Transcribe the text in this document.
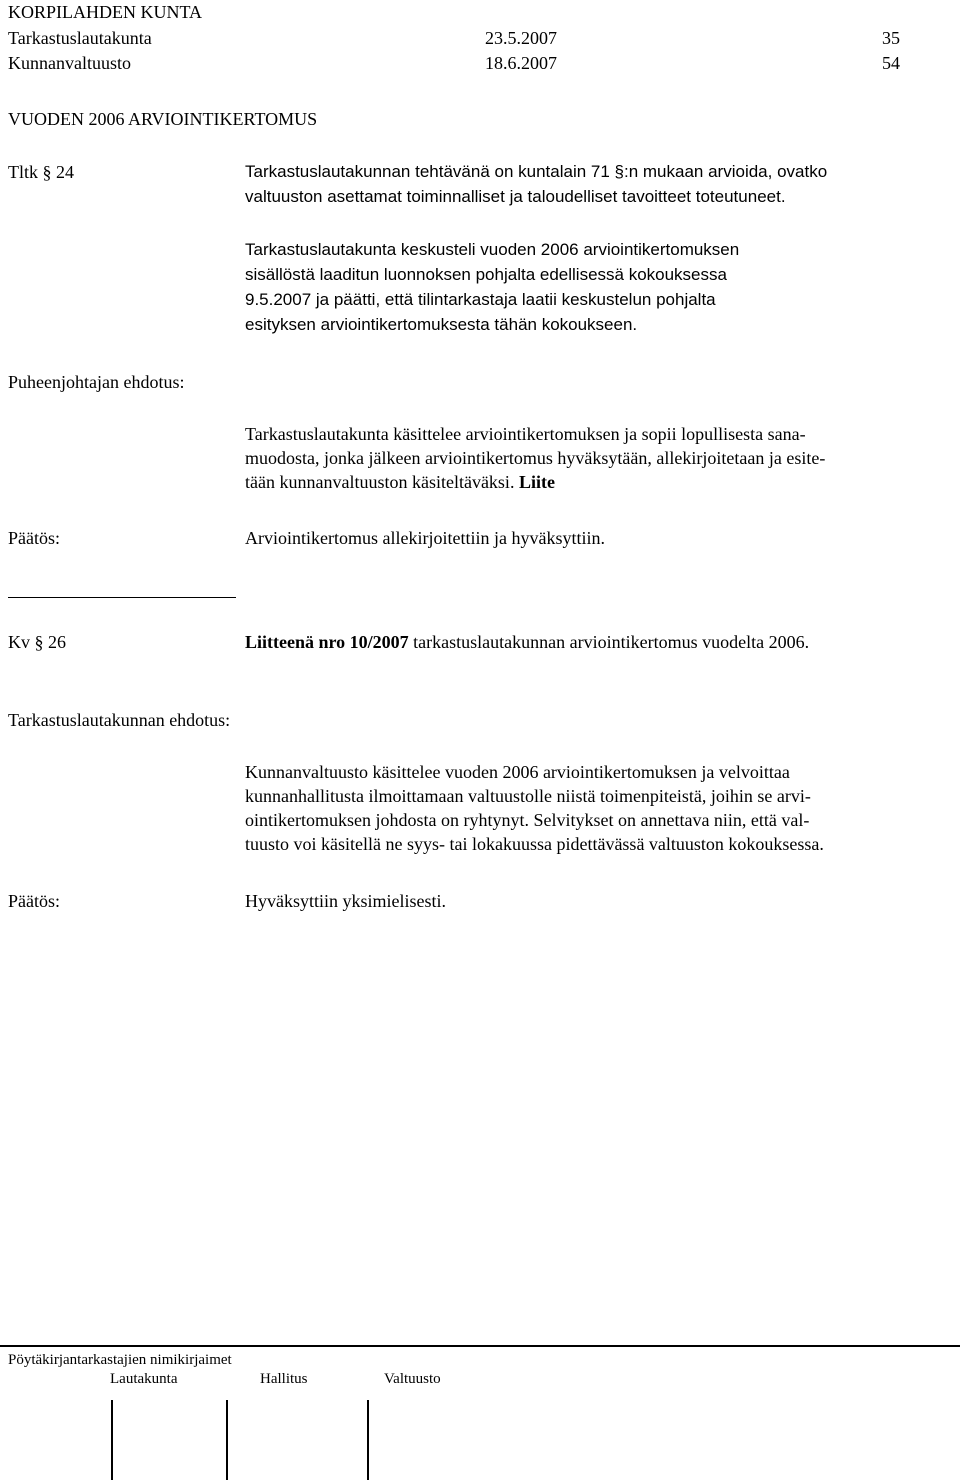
KORPILAHDEN KUNTA
Tarkastuslautakunta	23.5.2007	35
Kunnanvaltuusto	18.6.2007	54
VUODEN 2006 ARVIOINTIKERTOMUS
Tltk § 24	Tarkastuslautakunnan tehtävänä on kuntalain 71 §:n mukaan arvioida, ovatko
valtuuston asettamat toiminnalliset ja taloudelliset tavoitteet toteutuneet.
Tarkastuslautakunta keskusteli vuoden 2006 arviointikertomuksen
sisällöstä laaditun luonnoksen pohjalta edellisessä kokouksessa
9.5.2007 ja päätti, että tilintarkastaja laatii keskustelun pohjalta
esityksen arviointikertomuksesta tähän kokoukseen.
Puheenjohtajan ehdotus:
Tarkastuslautakunta käsittelee arviointikertomuksen ja sopii lopullisesta sana-
muodosta, jonka jälkeen arviointikertomus hyväksytään, allekirjoitetaan ja esite-
tään kunnanvaltuuston käsiteltäväksi. Liite
Päätös:	Arviointikertomus allekirjoitettiin ja hyväksyttiin.
Kv § 26	Liitteenä nro 10/2007 tarkastuslautakunnan arviointikertomus vuodelta 2006.
Tarkastuslautakunnan ehdotus:
Kunnanvaltuusto käsittelee vuoden 2006 arviointikertomuksen ja velvoittaa
kunnanhallitusta ilmoittamaan valtuustolle niistä toimenpiteistä, joihin se arvi-
ointikertomuksen johdosta on ryhtynyt. Selvitykset on annettava niin, että val-
tuusto voi käsitellä ne syys- tai lokakuussa pidettävässä valtuuston kokouksessa.
Päätös:	Hyväksyttiin yksimielisesti.
Pöytäkirjantarkastajien nimikirjaimet
Lautakunta	Hallitus	Valtuusto
